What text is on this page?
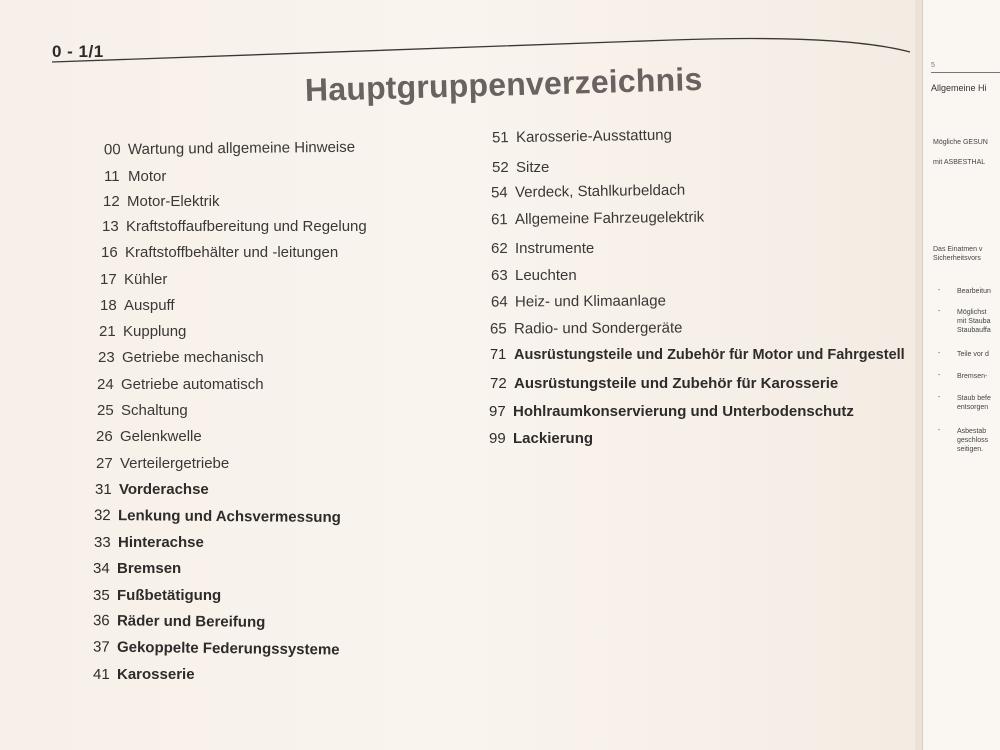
0 - 1/1
Hauptgruppenverzeichnis
00 Wartung und allgemeine Hinweise
11 Motor
12 Motor-Elektrik
13 Kraftstoffaufbereitung und Regelung
16 Kraftstoffbehälter und -leitungen
17 Kühler
18 Auspuff
21 Kupplung
23 Getriebe mechanisch
24 Getriebe automatisch
25 Schaltung
26 Gelenkwelle
27 Verteilergetriebe
31 Vorderachse
32 Lenkung und Achsvermessung
33 Hinterachse
34 Bremsen
35 Fußbetätigung
36 Räder und Bereifung
37 Gekoppelte Federungssysteme
41 Karosserie
51 Karosserie-Ausstattung
52 Sitze
54 Verdeck, Stahlkurbeldach
61 Allgemeine Fahrzeugelektrik
62 Instrumente
63 Leuchten
64 Heiz- und Klimaanlage
65 Radio- und Sondergeräte
71 Ausrüstungsteile und Zubehör für Motor und Fahrgestell
72 Ausrüstungsteile und Zubehör für Karosserie
97 Hohlraumkonservierung und Unterbodenschutz
99 Lackierung
5
Allgemeine Hi
Mögliche GESUN
mit ASBESTHAL
Das Einatmen v
Sicherheitsvors
- Bearbeitun
- Möglichst
mit Stauba
Staubauffa
- Teile vor d
- Bremsen-
- Staub befe
entsorgen
- Asbestab
geschloss
seitigen.
